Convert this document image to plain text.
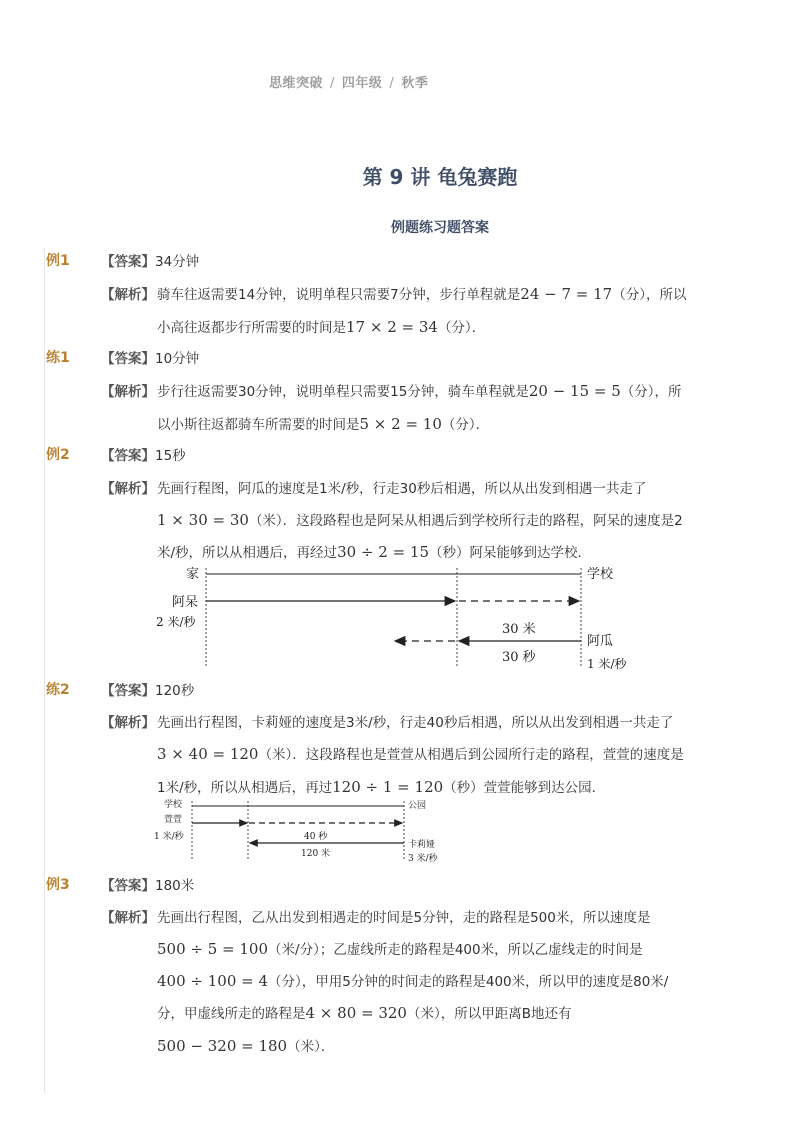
思维突破 / 四年级 / 秋季
第 9 讲 龟兔赛跑
例题练习题答案
例1 【答案】34分钟
【解析】 骑车往返需要14分钟，说明单程只需要7分钟，步行单程就是24 − 7 = 17（分），所以
小高往返都步行所需要的时间是17 × 2 = 34（分）．
练1 【答案】10分钟
【解析】 步行往返需要30分钟，说明单程只需要15分钟，骑车单程就是20 − 15 = 5（分），所
以小斯往返都骑车所需要的时间是5 × 2 = 10（分）．
例2 【答案】15秒
【解析】 先画行程图，阿瓜的速度是1米/秒，行走30秒后相遇，所以从出发到相遇一共走了
1 × 30 = 30（米）．这段路程也是阿呆从相遇后到学校所行走的路程，阿呆的速度是2
米/秒，所以从相遇后，再经过30 ÷ 2 = 15（秒）阿呆能够到达学校．
家	学校
阿呆
2 米/秒	30 米
阿瓜
30 秒	1 米/秒
练2 【答案】120秒
【解析】 先画出行程图，卡莉娅的速度是3米/秒，行走40秒后相遇，所以从出发到相遇一共走了
3 × 40 = 120（米）．这段路程也是萱萱从相遇后到公园所行走的路程，萱萱的速度是
1米/秒，所以从相遇后，再过120 ÷ 1 = 120（秒）萱萱能够到达公园．
学校	公园
萱萱
1 米/秒	40 秒
120 米
卡莉娅
3 米/秒
例3 【答案】180米
【解析】 先画出行程图，乙从出发到相遇走的时间是5分钟，走的路程是500米，所以速度是
500 ÷ 5 = 100（米/分）；乙虚线所走的路程是400米，所以乙虚线走的时间是
400 ÷ 100 = 4（分），甲用5分钟的时间走的路程是400米，所以甲的速度是80米/
分，甲虚线所走的路程是4 × 80 = 320（米），所以甲距离B地还有
500 − 320 = 180（米）．
